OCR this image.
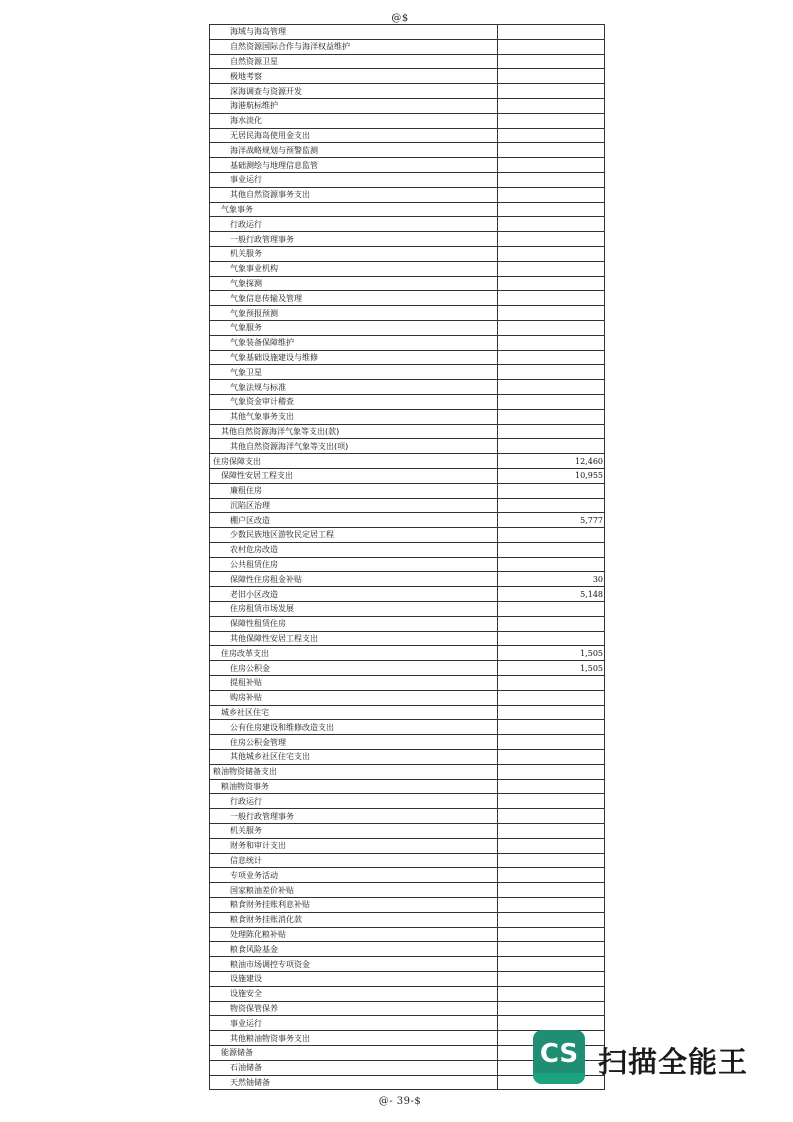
@$
海域与海岛管理	
自然资源国际合作与海洋权益维护	
自然资源卫星	
极地考察	
深海调查与资源开发	
海港航标维护	
海水淡化	
无居民海岛使用金支出	
海洋战略规划与预警监测	
基础测绘与地理信息监管	
事业运行	
其他自然资源事务支出	
气象事务	
行政运行	
一般行政管理事务	
机关服务	
气象事业机构	
气象探测	
气象信息传输及管理	
气象预报预测	
气象服务	
气象装备保障维护	
气象基础设施建设与维修	
气象卫星	
气象法规与标准	
气象资金审计稽查	
其他气象事务支出	
其他自然资源海洋气象等支出(款)	
其他自然资源海洋气象等支出(项)	
住房保障支出	12,460
保障性安居工程支出	10,955
廉租住房	
沉陷区治理	
棚户区改造	5,777
少数民族地区游牧民定居工程	
农村危房改造	
公共租赁住房	
保障性住房租金补贴	30
老旧小区改造	5,148
住房租赁市场发展	
保障性租赁住房	
其他保障性安居工程支出	
住房改革支出	1,505
住房公积金	1,505
提租补贴	
购房补贴	
城乡社区住宅	
公有住房建设和维修改造支出	
住房公积金管理	
其他城乡社区住宅支出	
粮油物资储备支出	
粮油物资事务	
行政运行	
一般行政管理事务	
机关服务	
财务和审计支出	
信息统计	
专项业务活动	
国家粮油差价补贴	
粮食财务挂账利息补贴	
粮食财务挂账消化款	
处理陈化粮补贴	
粮食风险基金	
粮油市场调控专项资金	
设施建设	
设施安全	
物资保管保养	
事业运行	
其他粮油物资事务支出	
能源储备	
石油储备	
天然铀储备	
@- 39-$
CS 扫描全能王
